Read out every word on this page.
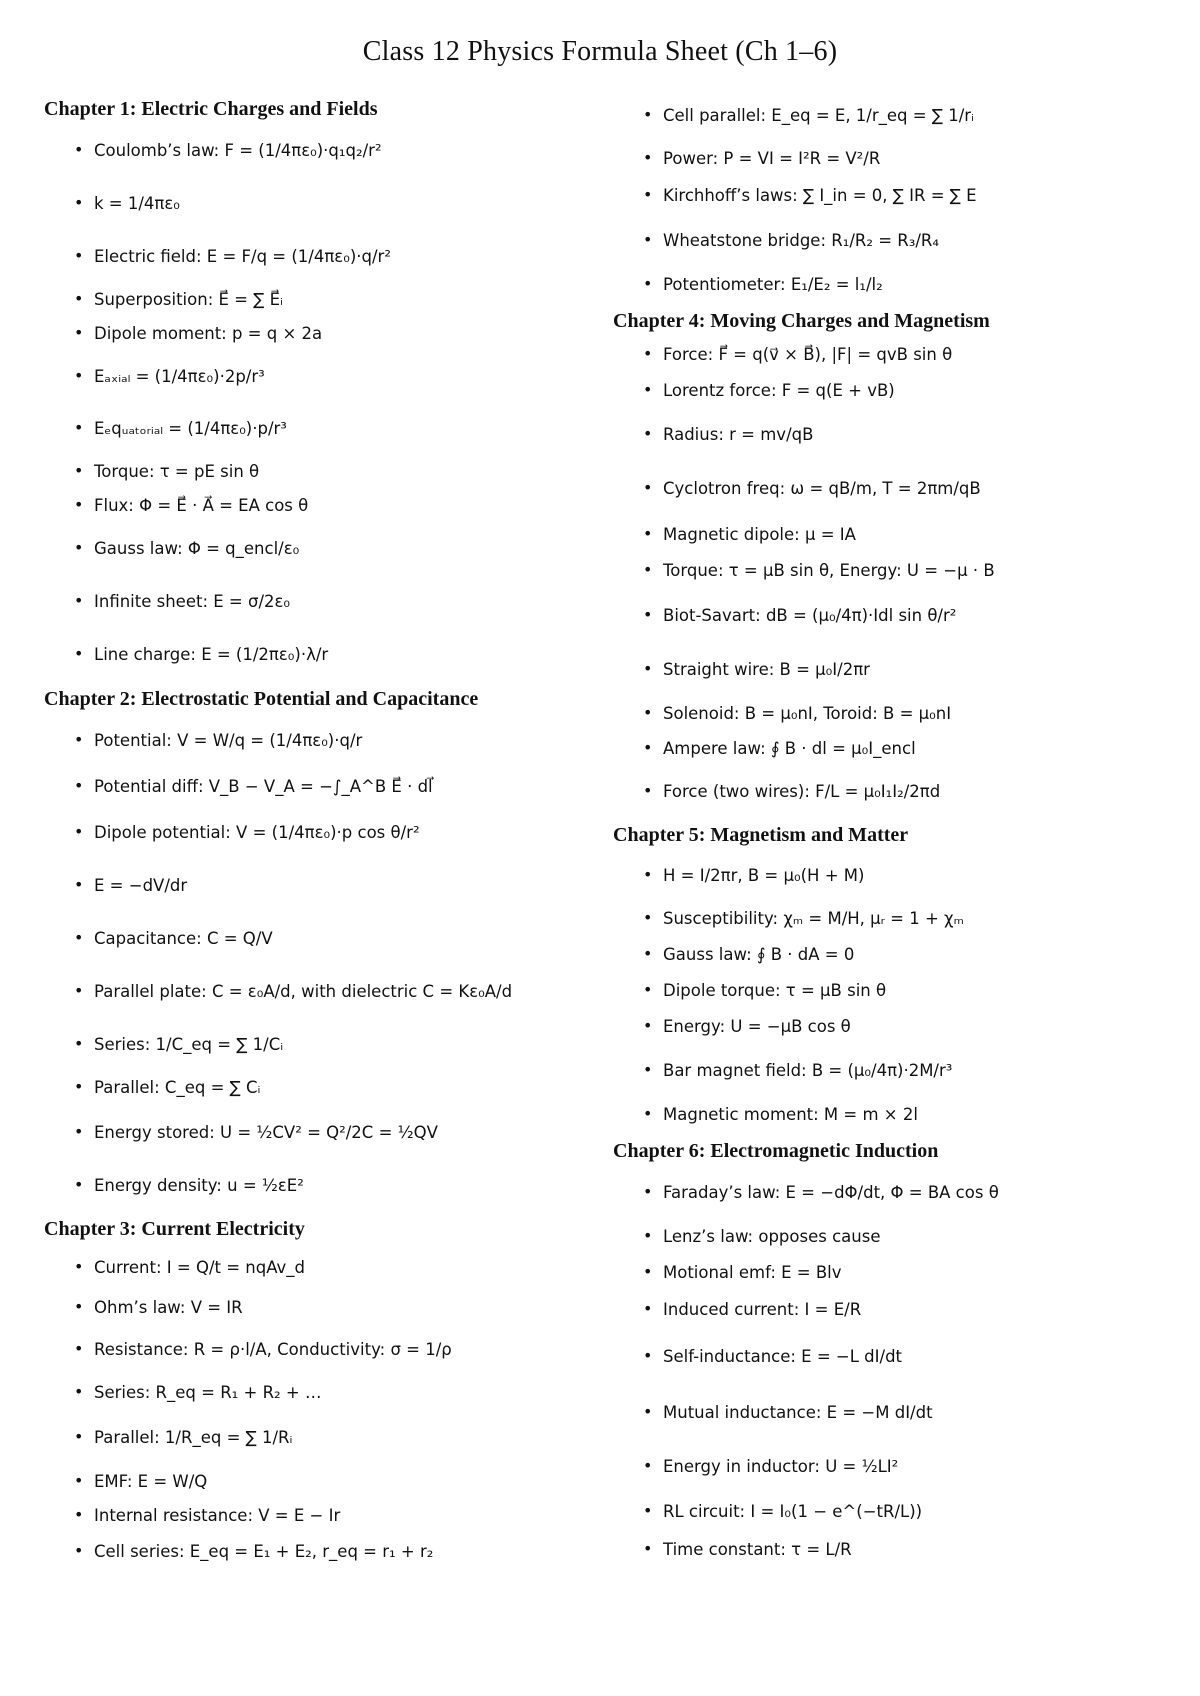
Class 12 Physics Formula Sheet (Ch 1–6)
Chapter 1: Electric Charges and Fields
• Coulomb’s law: F = (1/4πε₀)·q₁q₂/r²
• k = 1/4πε₀
• Electric field: E = F/q = (1/4πε₀)·q/r²
• Superposition: E⃗ = ∑ E⃗ᵢ
• Dipole moment: p = q × 2a
• Eₐₓᵢₐₗ = (1/4πε₀)·2p/r³
• Eₑqᵤₐₜₒᵣᵢₐₗ = (1/4πε₀)·p/r³
• Torque: τ = pE sin θ
• Flux: Φ = E⃗ · A⃗ = EA cos θ
• Gauss law: Φ = q_encl/ε₀
• Infinite sheet: E = σ/2ε₀
• Line charge: E = (1/2πε₀)·λ/r
Chapter 2: Electrostatic Potential and Capacitance
• Potential: V = W/q = (1/4πε₀)·q/r
• Potential diff: V_B − V_A = −∫_A^B E⃗ · dl⃗
• Dipole potential: V = (1/4πε₀)·p cos θ/r²
• E = −dV/dr
• Capacitance: C = Q/V
• Parallel plate: C = ε₀A/d, with dielectric C = Kε₀A/d
• Series: 1/C_eq = ∑ 1/Cᵢ
• Parallel: C_eq = ∑ Cᵢ
• Energy stored: U = ½CV² = Q²/2C = ½QV
• Energy density: u = ½εE²
Chapter 3: Current Electricity
• Current: I = Q/t = nqAv_d
• Ohm’s law: V = IR
• Resistance: R = ρ·l/A, Conductivity: σ = 1/ρ
• Series: R_eq = R₁ + R₂ + …
• Parallel: 1/R_eq = ∑ 1/Rᵢ
• EMF: E = W/Q
• Internal resistance: V = E − Ir
• Cell series: E_eq = E₁ + E₂, r_eq = r₁ + r₂
• Cell parallel: E_eq = E, 1/r_eq = ∑ 1/rᵢ
• Power: P = VI = I²R = V²/R
• Kirchhoff’s laws: ∑ I_in = 0, ∑ IR = ∑ E
• Wheatstone bridge: R₁/R₂ = R₃/R₄
• Potentiometer: E₁/E₂ = l₁/l₂
Chapter 4: Moving Charges and Magnetism
• Force: F⃗ = q(v⃗ × B⃗), |F| = qvB sin θ
• Lorentz force: F = q(E + vB)
• Radius: r = mv/qB
• Cyclotron freq: ω = qB/m, T = 2πm/qB
• Magnetic dipole: μ = IA
• Torque: τ = μB sin θ, Energy: U = −μ · B
• Biot-Savart: dB = (μ₀/4π)·Idl sin θ/r²
• Straight wire: B = μ₀I/2πr
• Solenoid: B = μ₀nI, Toroid: B = μ₀nI
• Ampere law: ∮ B · dl = μ₀I_encl
• Force (two wires): F/L = μ₀I₁I₂/2πd
Chapter 5: Magnetism and Matter
• H = I/2πr, B = μ₀(H + M)
• Susceptibility: χₘ = M/H, μᵣ = 1 + χₘ
• Gauss law: ∮ B · dA = 0
• Dipole torque: τ = μB sin θ
• Energy: U = −μB cos θ
• Bar magnet field: B = (μ₀/4π)·2M/r³
• Magnetic moment: M = m × 2l
Chapter 6: Electromagnetic Induction
• Faraday’s law: E = −dΦ/dt, Φ = BA cos θ
• Lenz’s law: opposes cause
• Motional emf: E = Blv
• Induced current: I = E/R
• Self-inductance: E = −L dI/dt
• Mutual inductance: E = −M dI/dt
• Energy in inductor: U = ½LI²
• RL circuit: I = I₀(1 − e^(−tR/L))
• Time constant: τ = L/R
